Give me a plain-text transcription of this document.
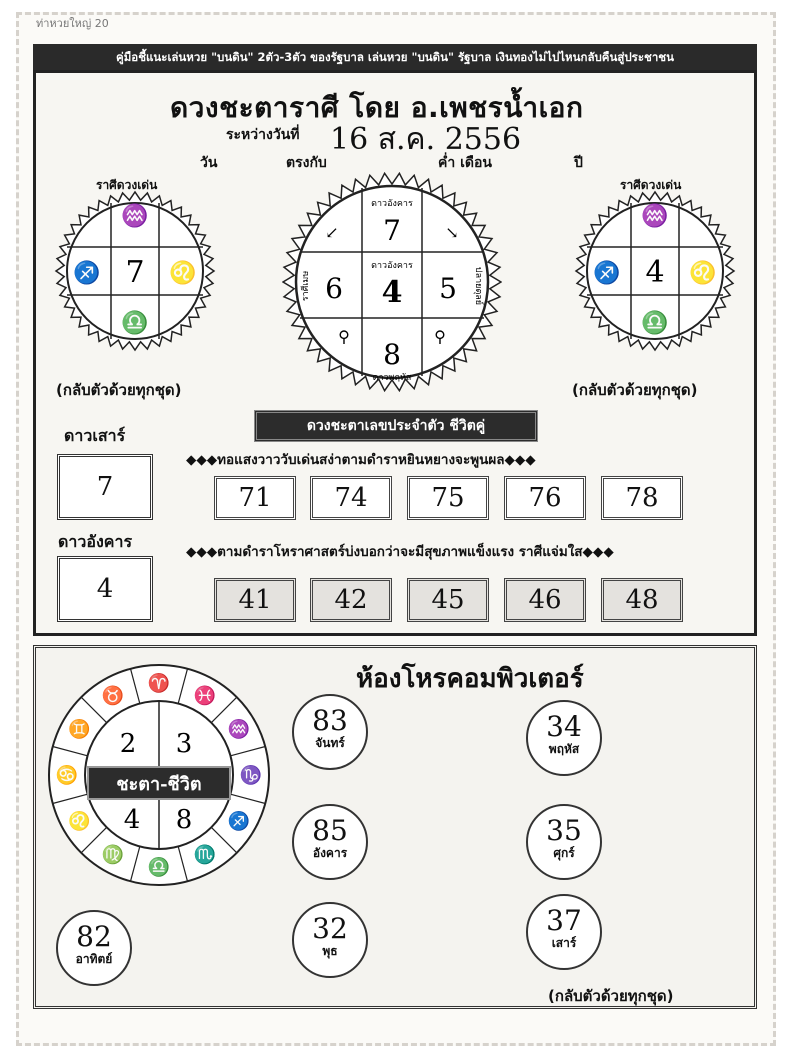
ท่าหวยใหญ่ 20
คู่มือชี้แนะเล่นหวย "บนดิน" 2ตัว-3ตัว ของรัฐบาล เล่นหวย "บนดิน" รัฐบาล เงินทองไม่ไปไหนกลับคืนสู่ประชาชน
ดวงชะตาราศี โดย อ.เพชรน้ำเอก
ระหว่างวันที่ 16 ส.ค. 2556
วัน	ตรงกับ	ค่ำ เดือน	ปี
ราศีดวงเด่น
♒
♐	♌
♎
7
(กลับตัวด้วยทุกชุด)
ราศีดวงเด่น
♒
♐	♌
♎
4
(กลับตัวด้วยทุกชุด)
ดาวอังคาร
7
ดาวอังคาร
6 4 5
8
ดาวพฤหัส
ราศีเมษ	ปลายตุลย์
↙	↘
⚲	⚲
ดวงชะตาเลขประจำตัว ชีวิตคู่
ดาวเสาร์
7
ดาวอังคาร
4
◆◆◆ทอแสงวาววับเด่นสง่าตามดำราหยินหยางจะพูนผล◆◆◆
71	74	75	76	78
◆◆◆ตามดำราโหราศาสตร์บ่งบอกว่าจะมีสุขภาพแข็งแรง ราศีแจ่มใส◆◆◆
41	42	45	46	48
ห้องโหรคอมพิวเตอร์
♓
♒
♑
♐
♏
♎
♍
♌
♋
♊
♉
♈
2 3
4 8
ชะตา-ชีวิต
83
จันทร์
85
อังคาร
32
พุธ
34
พฤหัส
35
ศุกร์
37
เสาร์
82
อาทิตย์
(กลับตัวด้วยทุกชุด)
